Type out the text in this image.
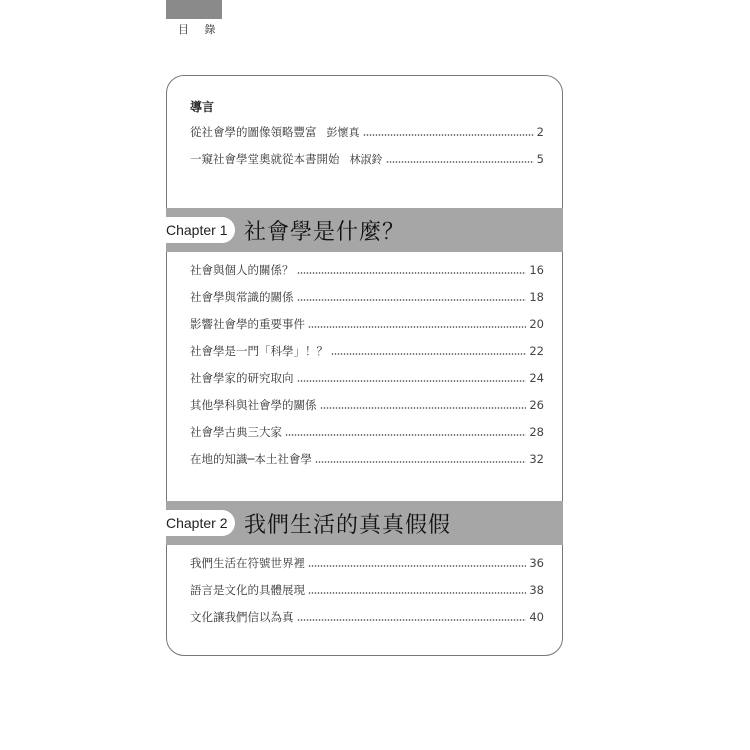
目 錄
導言
從社會學的圖像領略豐富 彭懷真	2
一窺社會學堂奧就從本書開始 林淑鈴	5
Chapter 1 社會學是什麼？
社會與個人的關係？	16
社會學與常識的關係	18
影響社會學的重要事件	20
社會學是一門「科學」！？	22
社會學家的研究取向	24
其他學科與社會學的關係	26
社會學古典三大家	28
在地的知識─本土社會學	32
Chapter 2 我們生活的真真假假
我們生活在符號世界裡	36
語言是文化的具體展現	38
文化讓我們信以為真	40
